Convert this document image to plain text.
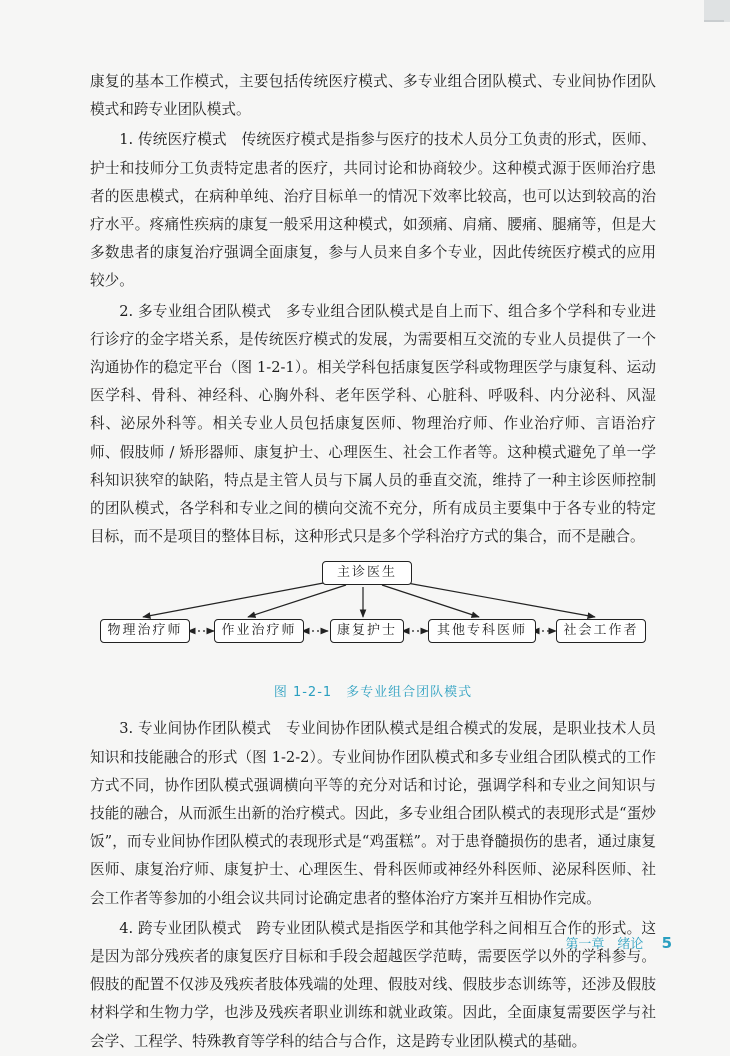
康复的基本工作模式，主要包括传统医疗模式、多专业组合团队模式、专业间协作团队模式和跨专业团队模式。

1. 传统医疗模式　传统医疗模式是指参与医疗的技术人员分工负责的形式，医师、护士和技师分工负责特定患者的医疗，共同讨论和协商较少。这种模式源于医师治疗患者的医患模式，在病种单纯、治疗目标单一的情况下效率比较高，也可以达到较高的治疗水平。疼痛性疾病的康复一般采用这种模式，如颈痛、肩痛、腰痛、腿痛等，但是大多数患者的康复治疗强调全面康复，参与人员来自多个专业，因此传统医疗模式的应用较少。

2. 多专业组合团队模式　多专业组合团队模式是自上而下、组合多个学科和专业进行诊疗的金字塔关系，是传统医疗模式的发展，为需要相互交流的专业人员提供了一个沟通协作的稳定平台（图 1-2-1）。相关学科包括康复医学科或物理医学与康复科、运动医学科、骨科、神经科、心胸外科、老年医学科、心脏科、呼吸科、内分泌科、风湿科、泌尿外科等。相关专业人员包括康复医师、物理治疗师、作业治疗师、言语治疗师、假肢师 / 矫形器师、康复护士、心理医生、社会工作者等。这种模式避免了单一学科知识狭窄的缺陷，特点是主管人员与下属人员的垂直交流，维持了一种主诊医师控制的团队模式，各学科和专业之间的横向交流不充分，所有成员主要集中于各专业的特定目标，而不是项目的整体目标，这种形式只是多个学科治疗方式的集合，而不是融合。

主诊医生
物理治疗师	作业治疗师	康复护士	其他专科医师	社会工作者
图 1-2-1　多专业组合团队模式

3. 专业间协作团队模式　专业间协作团队模式是组合模式的发展，是职业技术人员知识和技能融合的形式（图 1-2-2）。专业间协作团队模式和多专业组合团队模式的工作方式不同，协作团队模式强调横向平等的充分对话和讨论，强调学科和专业之间知识与技能的融合，从而派生出新的治疗模式。因此，多专业组合团队模式的表现形式是“蛋炒饭”，而专业间协作团队模式的表现形式是“鸡蛋糕”。对于患脊髓损伤的患者，通过康复医师、康复治疗师、康复护士、心理医生、骨科医师或神经外科医师、泌尿科医师、社会工作者等参加的小组会议共同讨论确定患者的整体治疗方案并互相协作完成。

4. 跨专业团队模式　跨专业团队模式是指医学和其他学科之间相互合作的形式。这是因为部分残疾者的康复医疗目标和手段会超越医学范畴，需要医学以外的学科参与。假肢的配置不仅涉及残疾者肢体残端的处理、假肢对线、假肢步态训练等，还涉及假肢材料学和生物力学，也涉及残疾者职业训练和就业政策。因此，全面康复需要医学与社会学、工程学、特殊教育等学科的结合与合作，这是跨专业团队模式的基础。

第一章　绪论 5
